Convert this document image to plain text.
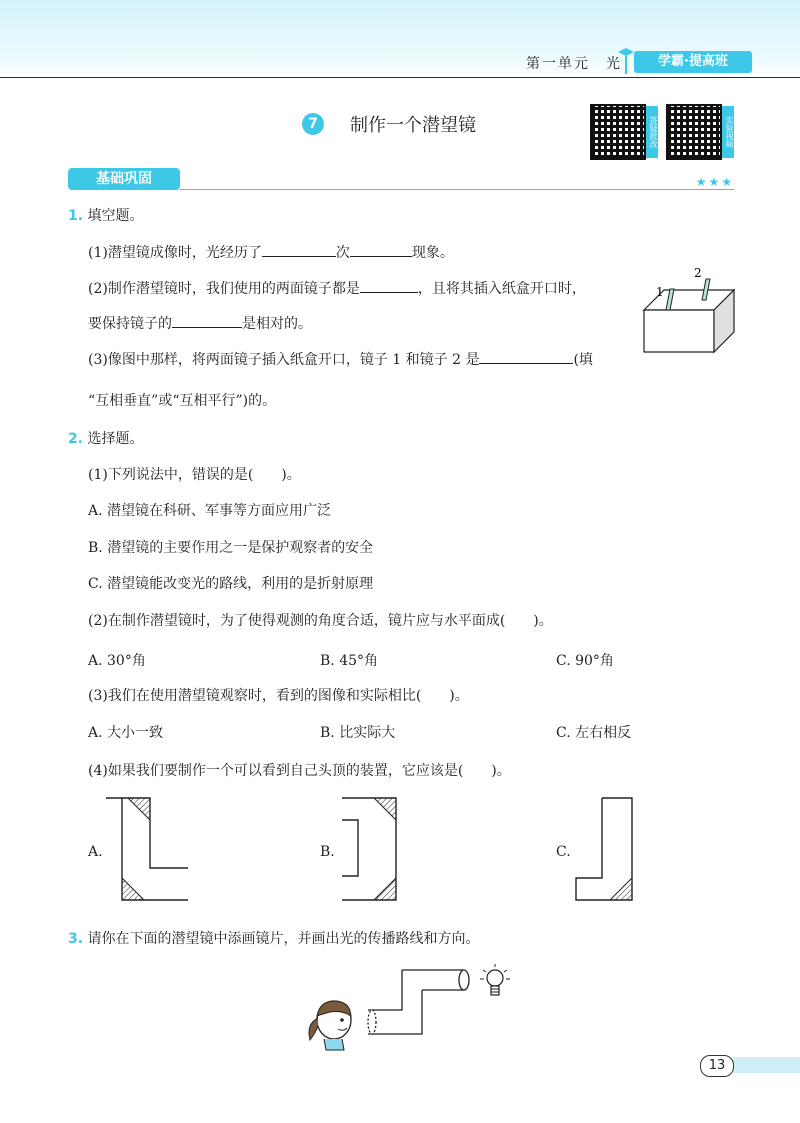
第一单元　光	学霸·提高班
7	制作一个潜望镜	答疑批改	实验视频
基础巩固	★★★
1. 填空题。
(1)潜望镜成像时，光经历了	次	现象。
(2)制作潜望镜时，我们使用的两面镜子都是	，且将其插入纸盒开口时，
要保持镜子的	是相对的。
(3)像图中那样，将两面镜子插入纸盒开口，镜子 1 和镜子 2 是	(填
“互相垂直”或“互相平行”)的。
1
2
2. 选择题。
(1)下列说法中，错误的是(　　)。
A. 潜望镜在科研、军事等方面应用广泛
B. 潜望镜的主要作用之一是保护观察者的安全
C. 潜望镜能改变光的路线，利用的是折射原理
(2)在制作潜望镜时，为了使得观测的角度合适，镜片应与水平面成(　　)。
A. 30°角	B. 45°角	C. 90°角
(3)我们在使用潜望镜观察时，看到的图像和实际相比(　　)。
A. 大小一致	B. 比实际大	C. 左右相反
(4)如果我们要制作一个可以看到自己头顶的装置，它应该是(　　)。
A.	B.	C.
3. 请你在下面的潜望镜中添画镜片，并画出光的传播路线和方向。
13
